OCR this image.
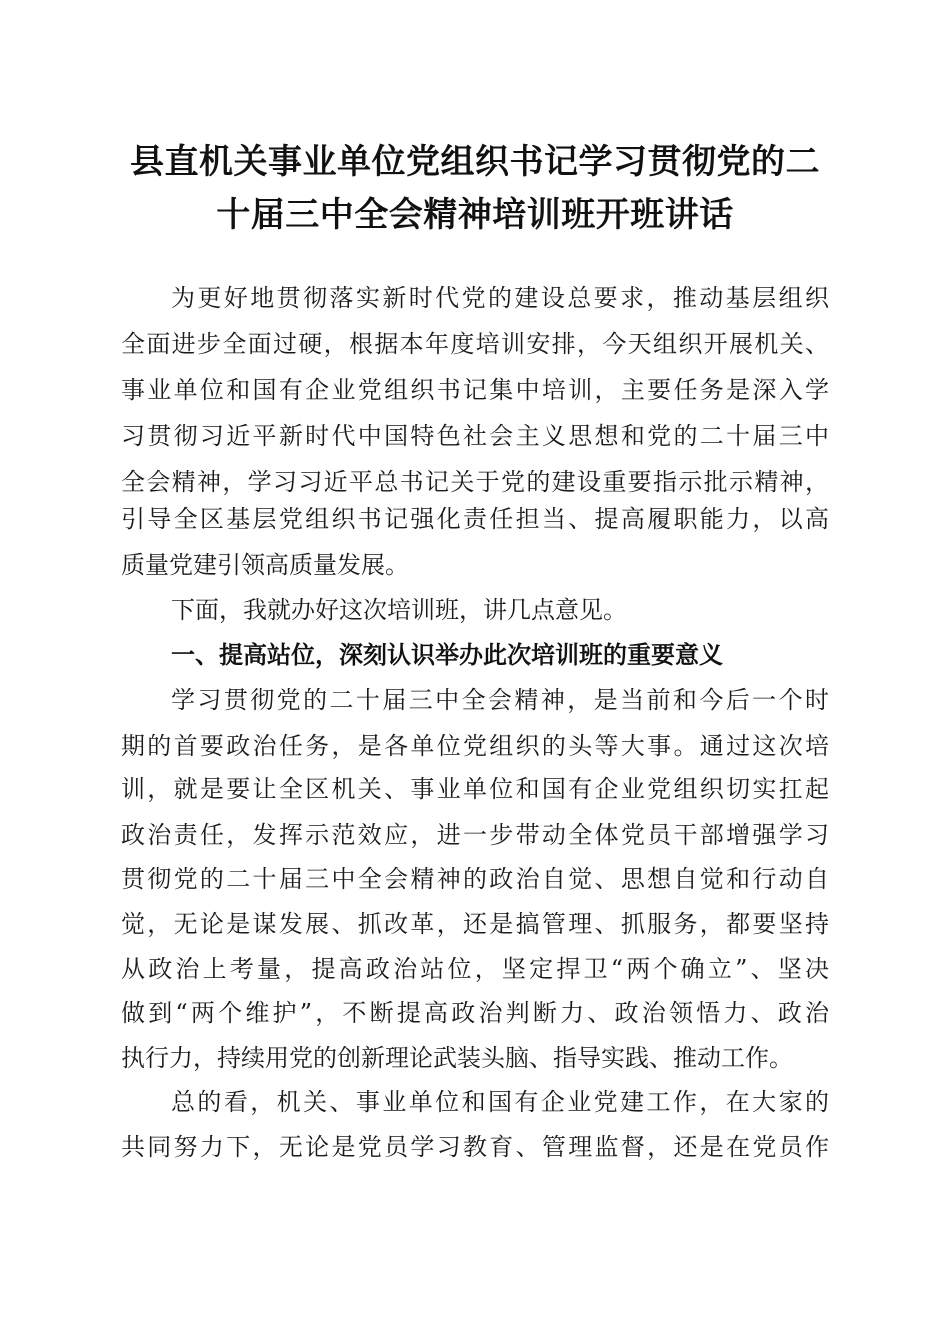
县直机关事业单位党组织书记学习贯彻党的二
十届三中全会精神培训班开班讲话

为更好地贯彻落实新时代党的建设总要求，推动基层组织

全面进步全面过硬，根据本年度培训安排，今天组织开展机关、

事业单位和国有企业党组织书记集中培训，主要任务是深入学

习贯彻习近平新时代中国特色社会主义思想和党的二十届三中

全会精神，学习习近平总书记关于党的建设重要指示批示精神，

引导全区基层党组织书记强化责任担当、提高履职能力，以高

质量党建引领高质量发展。

下面，我就办好这次培训班，讲几点意见。

一、提高站位，深刻认识举办此次培训班的重要意义

学习贯彻党的二十届三中全会精神，是当前和今后一个时

期的首要政治任务，是各单位党组织的头等大事。通过这次培

训，就是要让全区机关、事业单位和国有企业党组织切实扛起

政治责任，发挥示范效应，进一步带动全体党员干部增强学习

贯彻党的二十届三中全会精神的政治自觉、思想自觉和行动自

觉，无论是谋发展、抓改革，还是搞管理、抓服务，都要坚持

从政治上考量，提高政治站位，坚定捍卫“两个确立”、坚决

做到“两个维护”，不断提高政治判断力、政治领悟力、政治

执行力，持续用党的创新理论武装头脑、指导实践、推动工作。

总的看，机关、事业单位和国有企业党建工作，在大家的

共同努力下，无论是党员学习教育、管理监督，还是在党员作
